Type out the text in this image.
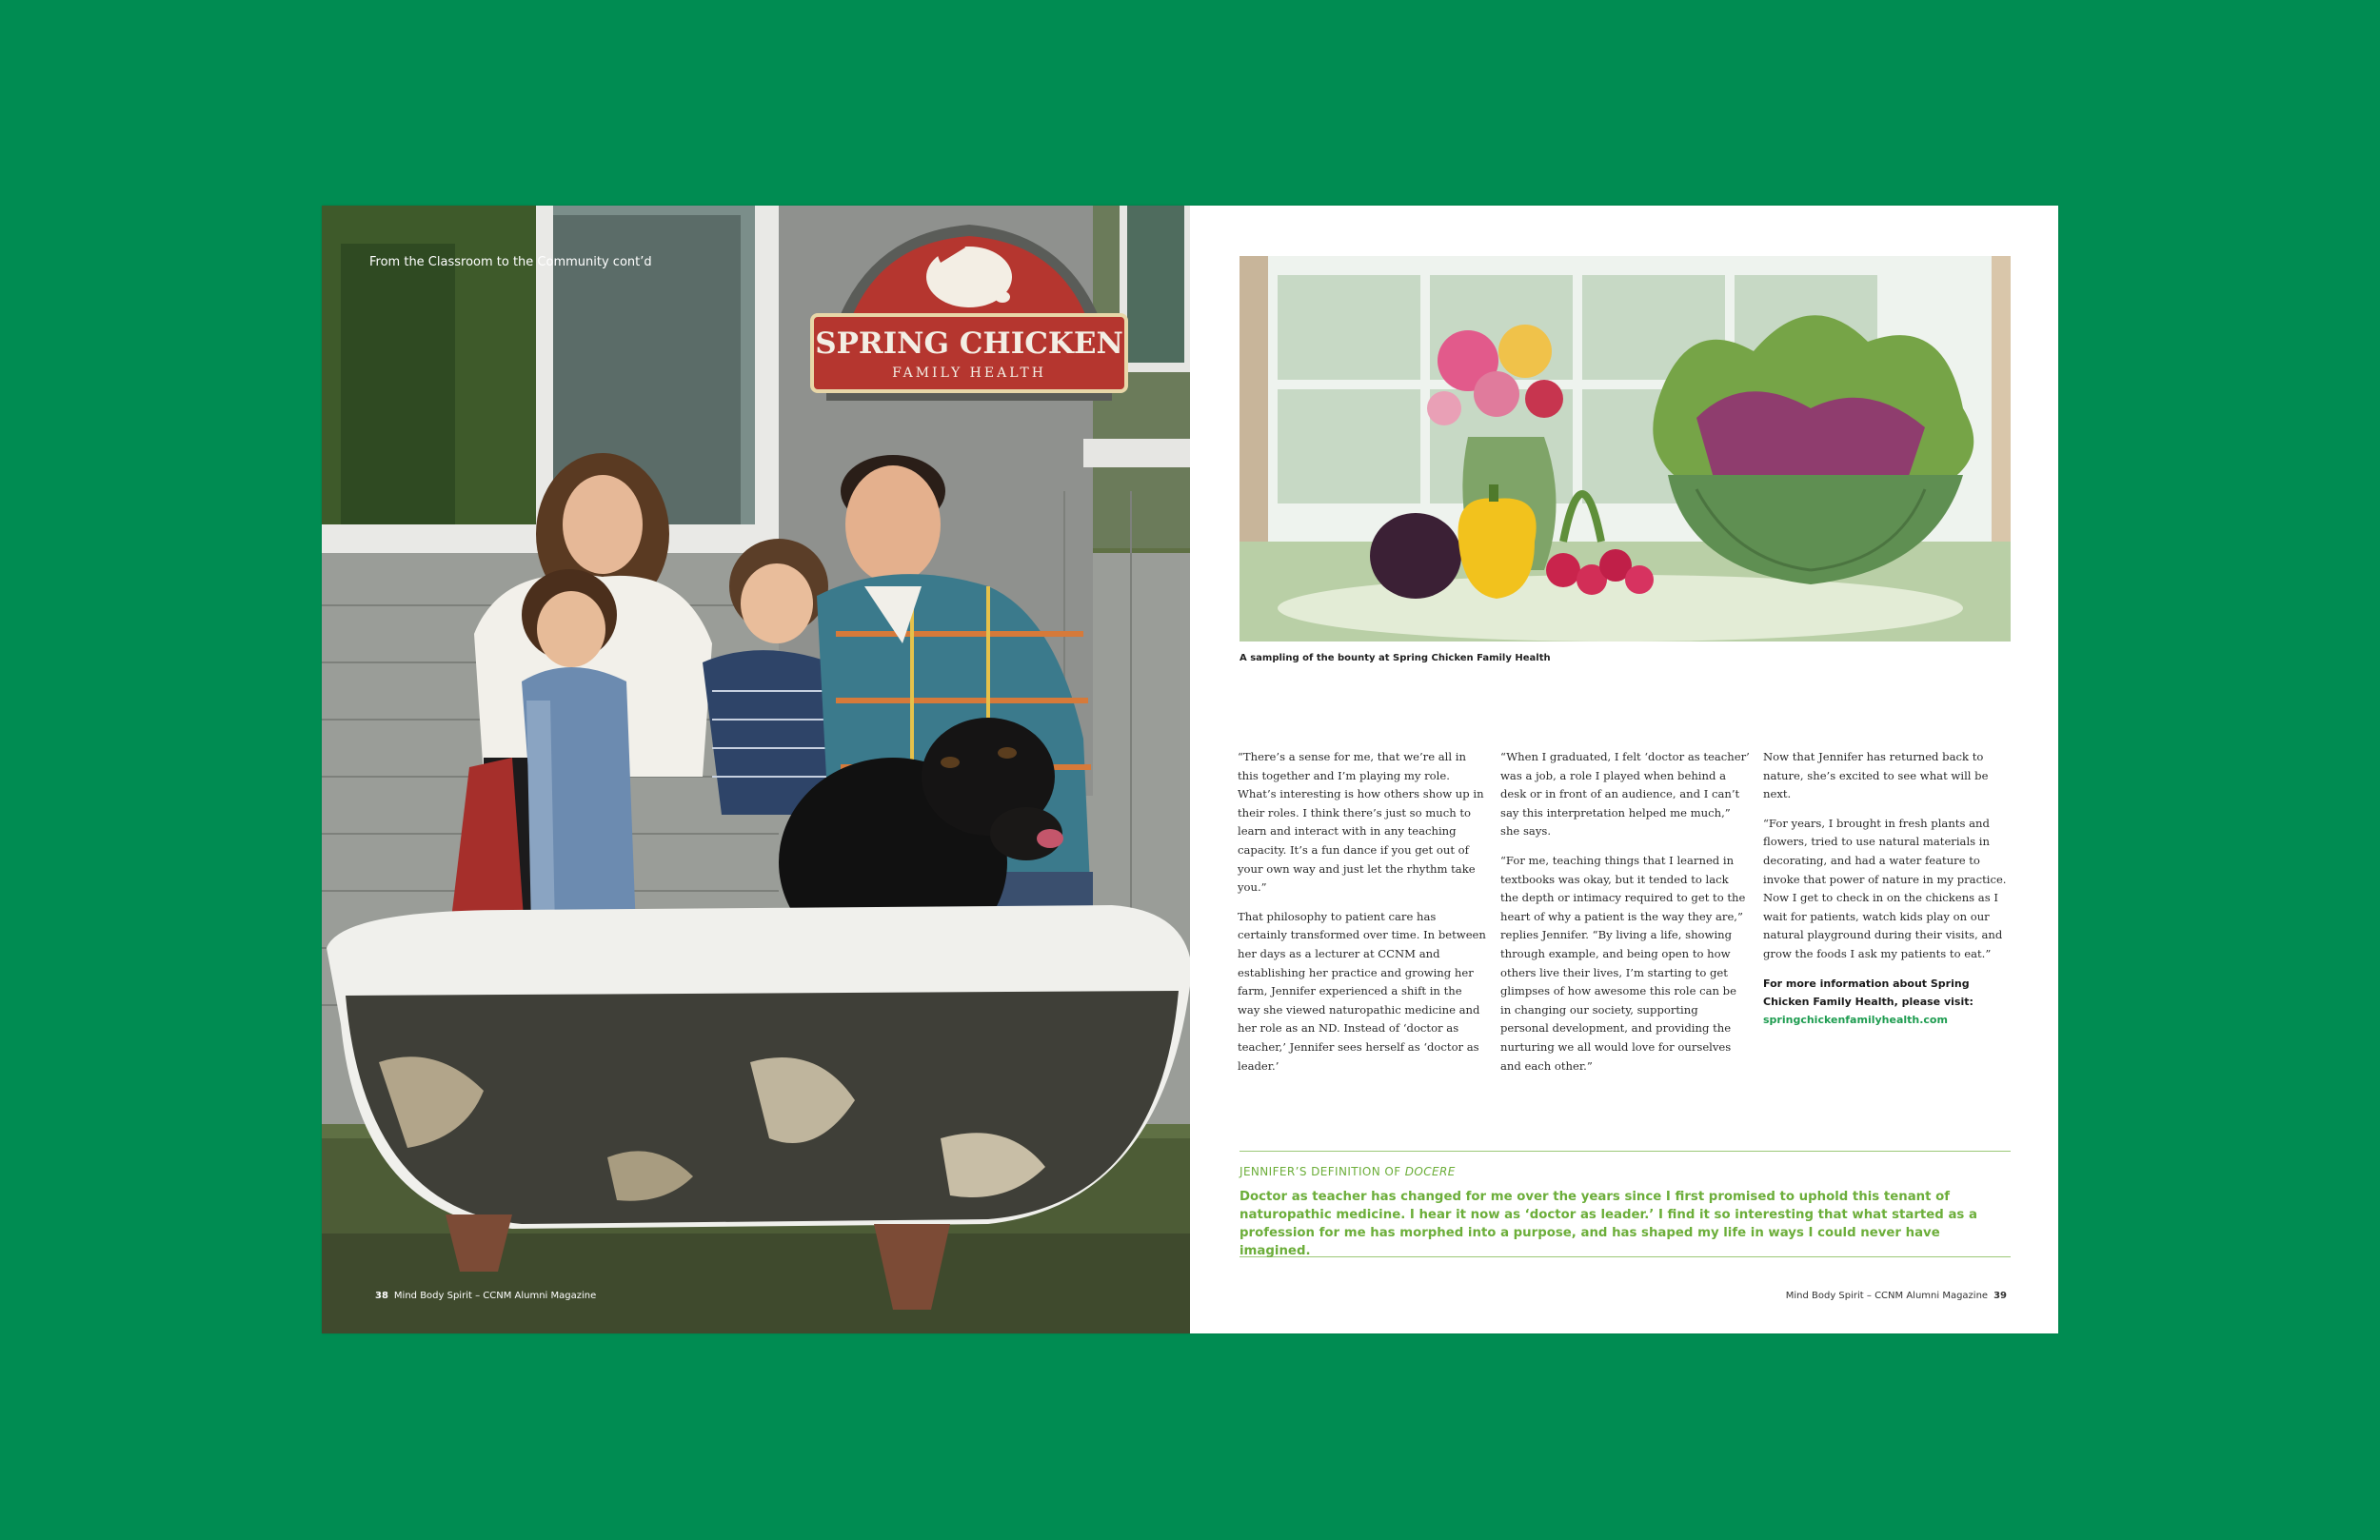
SPRING CHICKEN
FAMILY HEALTH
From the Classroom to the Community cont’d
38 Mind Body Spirit – CCNM Alumni Magazine
A sampling of the bounty at Spring Chicken Family Health

“There’s a sense for me, that we’re all in this together and I’m playing my role. What’s interesting is how others show up in their roles. I think there’s just so much to learn and interact with in any teaching capacity. It’s a fun dance if you get out of your own way and just let the rhythm take you.”

That philosophy to patient care has certainly transformed over time. In between her days as a lecturer at CCNM and establishing her practice and growing her farm, Jennifer experienced a shift in the way she viewed naturopathic medicine and her role as an ND. Instead of ‘doctor as teacher,’ Jennifer sees herself as ‘doctor as leader.’

“When I graduated, I felt ‘doctor as teacher’ was a job, a role I played when behind a desk or in front of an audience, and I can’t say this interpretation helped me much,” she says.

“For me, teaching things that I learned in textbooks was okay, but it tended to lack the depth or intimacy required to get to the heart of why a patient is the way they are,” replies Jennifer. “By living a life, showing through example, and being open to how others live their lives, I’m starting to get glimpses of how awesome this role can be in changing our society, supporting personal development, and providing the nurturing we all would love for ourselves and each other.”

Now that Jennifer has returned back to nature, she’s excited to see what will be next.

“For years, I brought in fresh plants and flowers, tried to use natural materials in decorating, and had a water feature to invoke that power of nature in my practice. Now I get to check in on the chickens as I wait for patients, watch kids play on our natural playground during their visits, and grow the foods I ask my patients to eat.”

For more information about Spring Chicken Family Health, please visit:
springchickenfamilyhealth.com
JENNIFER’S DEFINITION OF DOCERE
Doctor as teacher has changed for me over the years since I first promised to uphold this tenant of naturopathic medicine. I hear it now as ‘doctor as leader.’ I find it so interesting that what started as a profession for me has morphed into a purpose, and has shaped my life in ways I could never have imagined.
Mind Body Spirit – CCNM Alumni Magazine 39
